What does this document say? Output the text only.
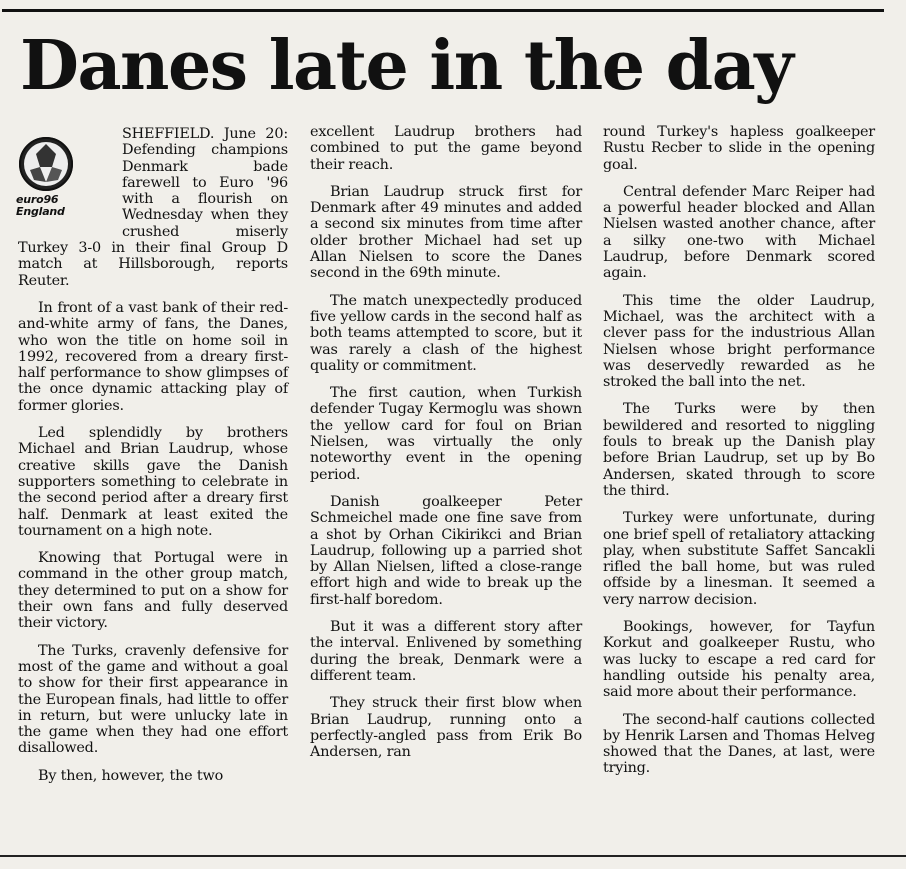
Danes late in the day
euro96
England

SHEFFIELD. June 20: Defending champions Denmark bade farewell to Euro '96 with a flourish on Wednesday when they crushed miserly Turkey 3-0 in their final Group D match at Hillsborough, reports Reuter.

In front of a vast bank of their red-and-white army of fans, the Danes, who won the title on home soil in 1992, recovered from a dreary first-half performance to show glimpses of the once dynamic attacking play of former glories.

Led splendidly by brothers Michael and Brian Laudrup, whose creative skills gave the Danish supporters something to celebrate in the second period after a dreary first half. Denmark at least exited the tournament on a high note.

Knowing that Portugal were in command in the other group match, they determined to put on a show for their own fans and fully deserved their victory.

The Turks, cravenly defensive for most of the game and without a goal to show for their first appearance in the European finals, had little to offer in return, but were unlucky late in the game when they had one effort disallowed.

By then, however, the two

excellent Laudrup brothers had combined to put the game beyond their reach.

Brian Laudrup struck first for Denmark after 49 minutes and added a second six minutes from time after older brother Michael had set up Allan Nielsen to score the Danes second in the 69th minute.

The match unexpectedly produced five yellow cards in the second half as both teams attempted to score, but it was rarely a clash of the highest quality or commitment.

The first caution, when Turkish defender Tugay Kermoglu was shown the yellow card for foul on Brian Nielsen, was virtually the only noteworthy event in the opening period.

Danish goalkeeper Peter Schmeichel made one fine save from a shot by Orhan Cikirikci and Brian Laudrup, following up a parried shot by Allan Nielsen, lifted a close-range effort high and wide to break up the first-half boredom.

But it was a different story after the interval. Enlivened by something during the break, Denmark were a different team.

They struck their first blow when Brian Laudrup, running onto a perfectly-angled pass from Erik Bo Andersen, ran

round Turkey's hapless goalkeeper Rustu Recber to slide in the opening goal.

Central defender Marc Reiper had a powerful header blocked and Allan Nielsen wasted another chance, after a silky one-two with Michael Laudrup, before Denmark scored again.

This time the older Laudrup, Michael, was the architect with a clever pass for the industrious Allan Nielsen whose bright performance was deservedly rewarded as he stroked the ball into the net.

The Turks were by then bewildered and resorted to niggling fouls to break up the Danish play before Brian Laudrup, set up by Bo Andersen, skated through to score the third.

Turkey were unfortunate, during one brief spell of retaliatory attacking play, when substitute Saffet Sancakli rifled the ball home, but was ruled offside by a linesman. It seemed a very narrow decision.

Bookings, however, for Tayfun Korkut and goalkeeper Rustu, who was lucky to escape a red card for handling outside his penalty area, said more about their performance.

The second-half cautions collected by Henrik Larsen and Thomas Helveg showed that the Danes, at last, were trying.
